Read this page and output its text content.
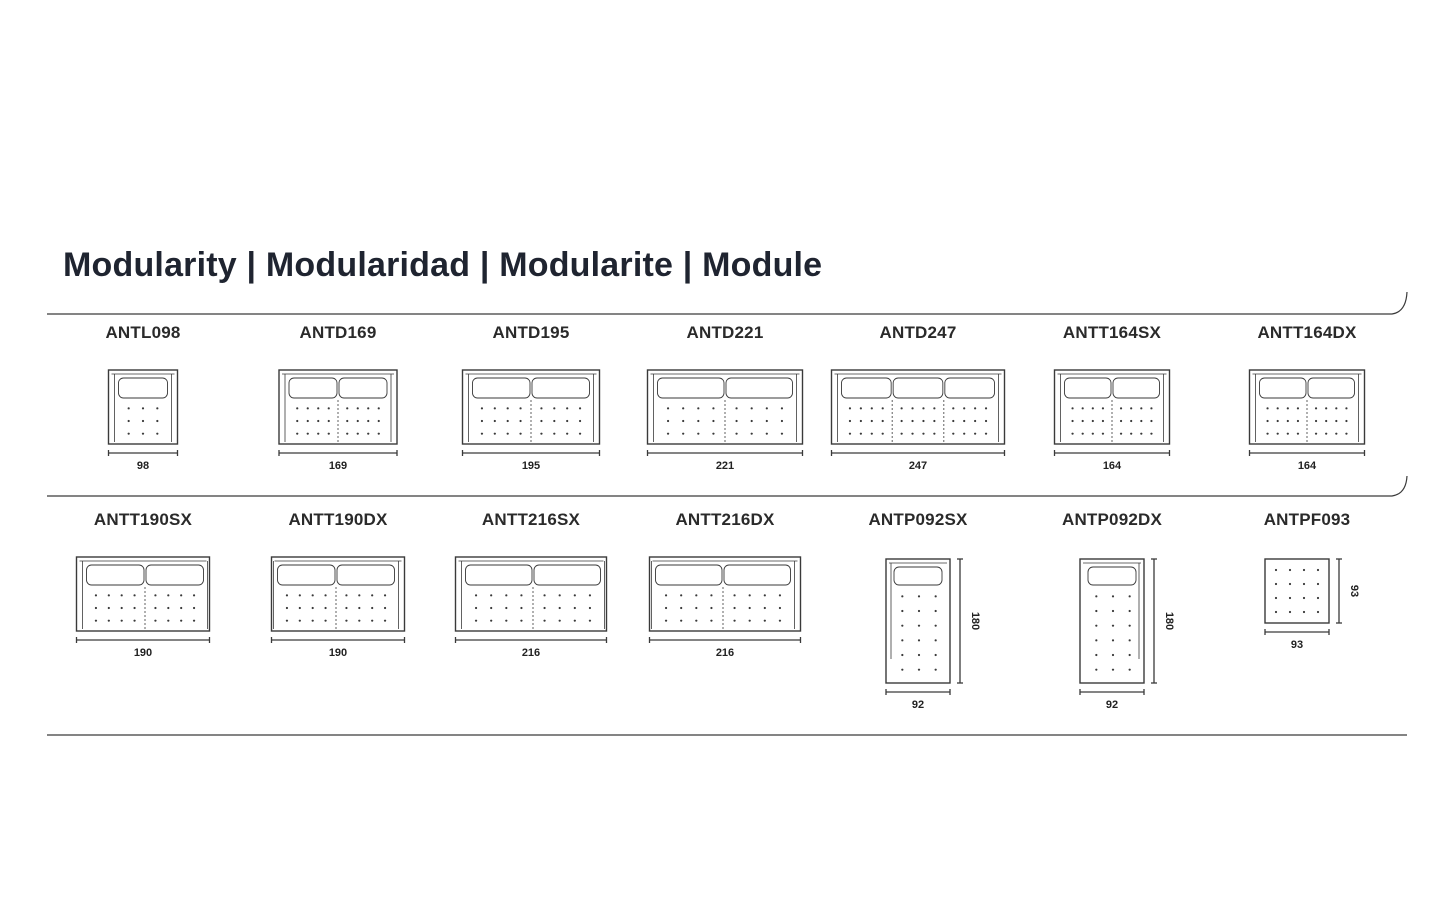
Modularity | Modularidad | Modularite | Module
ANTL098
98
ANTD169
169
ANTD195
195
ANTD221
221
ANTD247
247
ANTT164SX
164
ANTT164DX
164
ANTT190SX
190
ANTT190DX
190
ANTT216SX
216
ANTT216DX
216
ANTP092SX
92
180
ANTP092DX
92
180
ANTPF093
93
93
